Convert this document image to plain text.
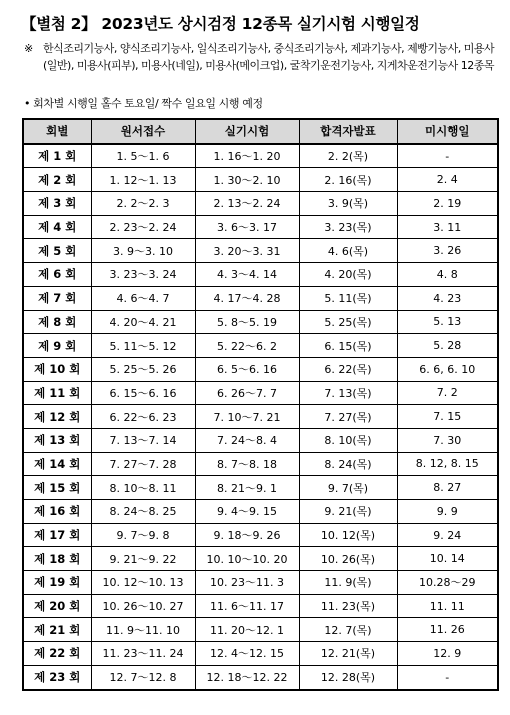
【별첨 2】 2023년도 상시검정 12종목 실기시험 시행일정
※ 한식조리기능사, 양식조리기능사, 일식조리기능사, 중식조리기능사, 제과기능사, 제빵기능사, 미용사(일반), 미용사(피부), 미용사(네일), 미용사(메이크업), 굴착기운전기능사, 지게차운전기능사 12종목
• 회차별 시행일 홀수 토요일/ 짝수 일요일 시행 예정
회별	원서접수	실기시험	합격자발표	미시행일
제 1 회	1. 5～1. 6	1. 16～1. 20	2. 2(목)	-
제 2 회	1. 12～1. 13	1. 30～2. 10	2. 16(목)	2. 4
제 3 회	2. 2～2. 3	2. 13～2. 24	3. 9(목)	2. 19
제 4 회	2. 23～2. 24	3. 6～3. 17	3. 23(목)	3. 11
제 5 회	3. 9～3. 10	3. 20～3. 31	4. 6(목)	3. 26
제 6 회	3. 23～3. 24	4. 3～4. 14	4. 20(목)	4. 8
제 7 회	4. 6～4. 7	4. 17～4. 28	5. 11(목)	4. 23
제 8 회	4. 20～4. 21	5. 8～5. 19	5. 25(목)	5. 13
제 9 회	5. 11～5. 12	5. 22～6. 2	6. 15(목)	5. 28
제 10 회	5. 25～5. 26	6. 5～6. 16	6. 22(목)	6. 6, 6. 10
제 11 회	6. 15～6. 16	6. 26～7. 7	7. 13(목)	7. 2
제 12 회	6. 22～6. 23	7. 10～7. 21	7. 27(목)	7. 15
제 13 회	7. 13～7. 14	7. 24～8. 4	8. 10(목)	7. 30
제 14 회	7. 27～7. 28	8. 7～8. 18	8. 24(목)	8. 12, 8. 15
제 15 회	8. 10～8. 11	8. 21～9. 1	9. 7(목)	8. 27
제 16 회	8. 24～8. 25	9. 4～9. 15	9. 21(목)	9. 9
제 17 회	9. 7～9. 8	9. 18～9. 26	10. 12(목)	9. 24
제 18 회	9. 21～9. 22	10. 10～10. 20	10. 26(목)	10. 14
제 19 회	10. 12～10. 13	10. 23～11. 3	11. 9(목)	10.28～29
제 20 회	10. 26～10. 27	11. 6～11. 17	11. 23(목)	11. 11
제 21 회	11. 9～11. 10	11. 20～12. 1	12. 7(목)	11. 26
제 22 회	11. 23～11. 24	12. 4～12. 15	12. 21(목)	12. 9
제 23 회	12. 7～12. 8	12. 18～12. 22	12. 28(목)	-
